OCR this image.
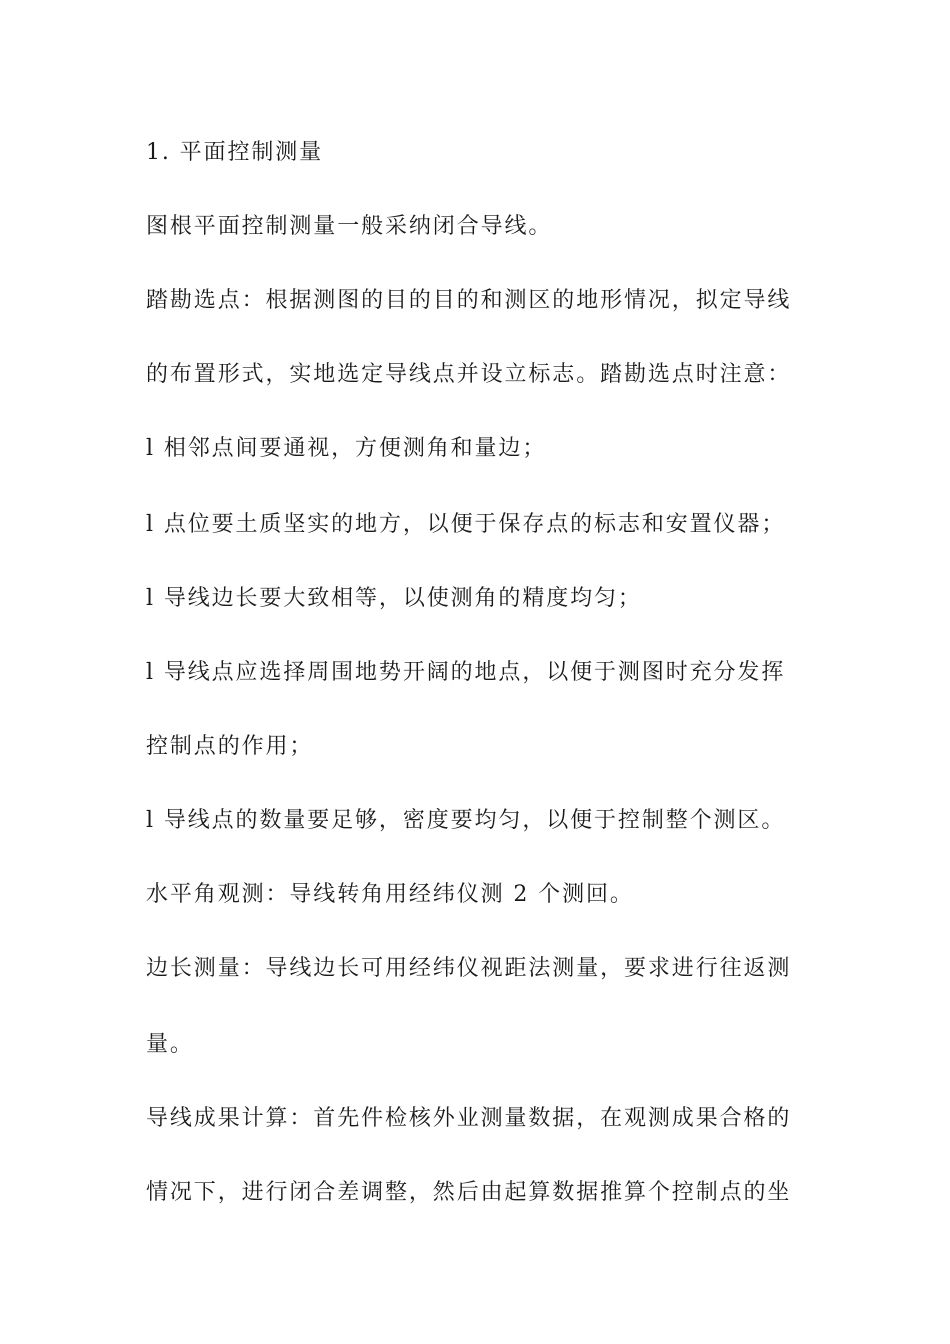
1. 平面控制测量
图根平面控制测量一般采纳闭合导线。
踏勘选点：根据测图的目的目的和测区的地形情况，拟定导线
的布置形式，实地选定导线点并设立标志。踏勘选点时注意：
l 相邻点间要通视，方便测角和量边；
l 点位要土质坚实的地方，以便于保存点的标志和安置仪器；
l 导线边长要大致相等，以使测角的精度均匀；
l 导线点应选择周围地势开阔的地点，以便于测图时充分发挥
控制点的作用；
l 导线点的数量要足够，密度要均匀，以便于控制整个测区。
水平角观测：导线转角用经纬仪测 2 个测回。
边长测量：导线边长可用经纬仪视距法测量，要求进行往返测
量。
导线成果计算：首先件检核外业测量数据，在观测成果合格的
情况下，进行闭合差调整，然后由起算数据推算个控制点的坐
